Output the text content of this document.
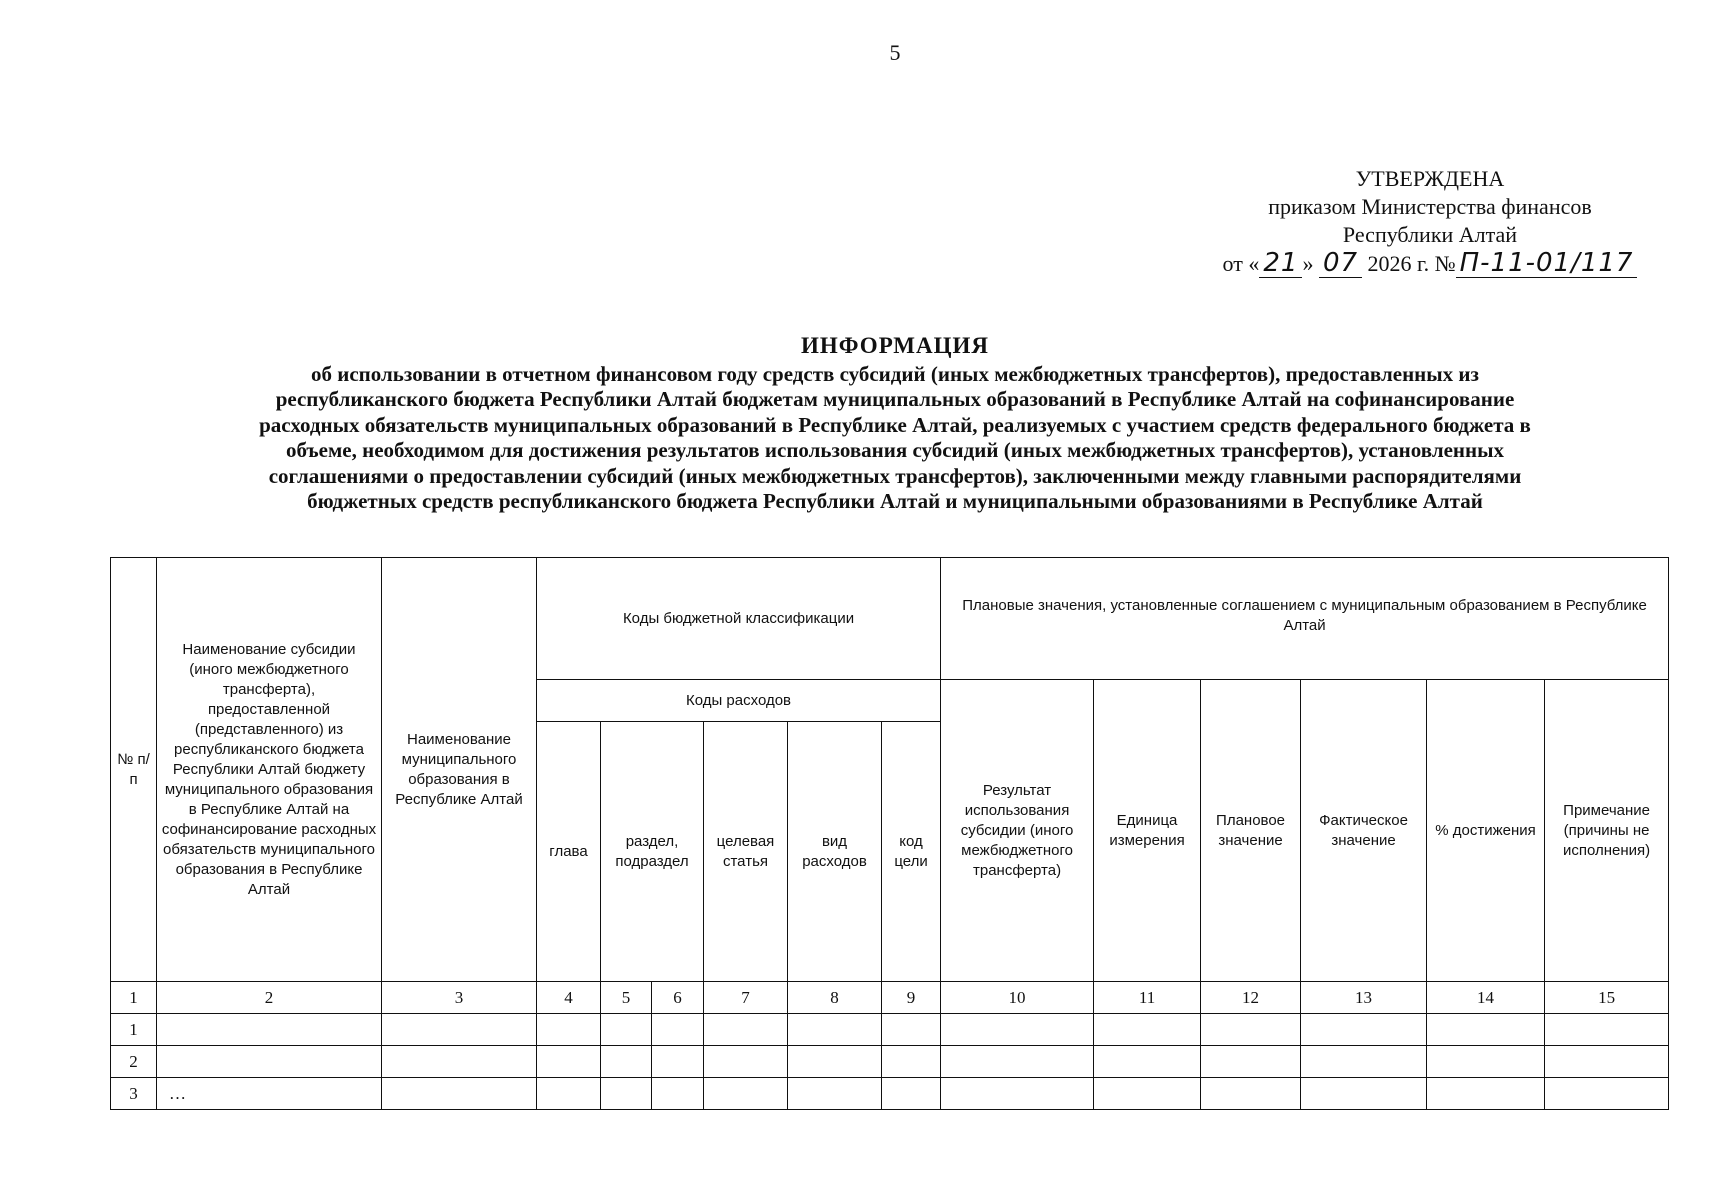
5
УТВЕРЖДЕНА
приказом Министерства финансов
Республики Алтай
от « 21 » 07 2026 г. № П-11-01/117
ИНФОРМАЦИЯ
об использовании в отчетном финансовом году средств субсидий (иных межбюджетных трансфертов), предоставленных из
республиканского бюджета Республики Алтай бюджетам муниципальных образований в Республике Алтай на софинансирование
расходных обязательств муниципальных образований в Республике Алтай, реализуемых с участием средств федерального бюджета в
объеме, необходимом для достижения результатов использования субсидий (иных межбюджетных трансфертов), установленных
соглашениями о предоставлении субсидий (иных межбюджетных трансфертов), заключенными между главными распорядителями
бюджетных средств республиканского бюджета Республики Алтай и муниципальными образованиями в Республике Алтай
№ п/п	Наименование субсидии (иного межбюджетного трансферта), предоставленной (представленного) из республиканского бюджета Республики Алтай бюджету муниципального образования в Республике Алтай на софинансирование расходных обязательств муниципального образования в Республике Алтай	Наименование муниципального образования в Республике Алтай	Коды бюджетной классификации						Плановые значения, установленные соглашением с муниципальным образованием в Республике Алтай					
			Коды расходов						Результат использования субсидии (иного межбюджетного трансферта)	Единица измерения	Плановое значение	Фактическое значение	% достижения	Примечание (причины не исполнения)
			глава	раздел, подраздел		целевая статья	вид расходов	код цели						
1	2	3	4	5	6	7	8	9	10	11	12	13	14	15
1														
2														
3	…													
